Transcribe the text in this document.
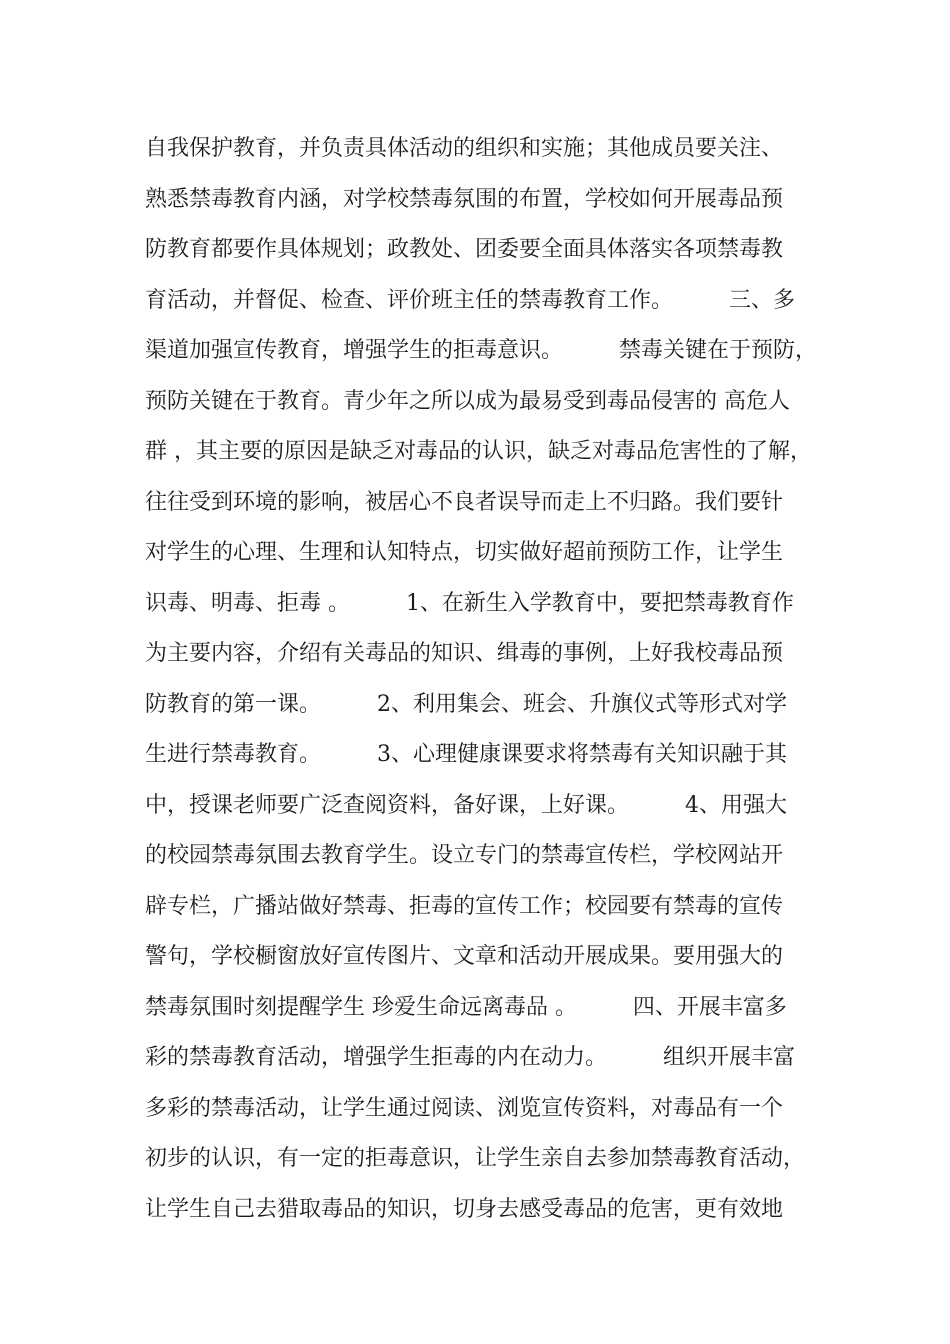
自我保护教育，并负责具体活动的组织和实施；其他成员要关注、
熟悉禁毒教育内涵，对学校禁毒氛围的布置，学校如何开展毒品预
防教育都要作具体规划；政教处、团委要全面具体落实各项禁毒教
育活动，并督促、检查、评价班主任的禁毒教育工作。        三、多
渠道加强宣传教育，增强学生的拒毒意识。        禁毒关键在于预防，
预防关键在于教育。青少年之所以成为最易受到毒品侵害的 高危人
群 ，其主要的原因是缺乏对毒品的认识，缺乏对毒品危害性的了解，
往往受到环境的影响，被居心不良者误导而走上不归路。我们要针
对学生的心理、生理和认知特点，切实做好超前预防工作，让学生
识毒、明毒、拒毒 。        1、在新生入学教育中，要把禁毒教育作
为主要内容，介绍有关毒品的知识、缉毒的事例，上好我校毒品预
防教育的第一课。        2、利用集会、班会、升旗仪式等形式对学
生进行禁毒教育。        3、心理健康课要求将禁毒有关知识融于其
中，授课老师要广泛查阅资料，备好课，上好课。        4、用强大
的校园禁毒氛围去教育学生。设立专门的禁毒宣传栏，学校网站开
辟专栏，广播站做好禁毒、拒毒的宣传工作；校园要有禁毒的宣传
警句，学校橱窗放好宣传图片、文章和活动开展成果。要用强大的
禁毒氛围时刻提醒学生 珍爱生命远离毒品 。        四、开展丰富多
彩的禁毒教育活动，增强学生拒毒的内在动力。        组织开展丰富
多彩的禁毒活动，让学生通过阅读、浏览宣传资料，对毒品有一个
初步的认识，有一定的拒毒意识，让学生亲自去参加禁毒教育活动，
让学生自己去猎取毒品的知识，切身去感受毒品的危害，更有效地
